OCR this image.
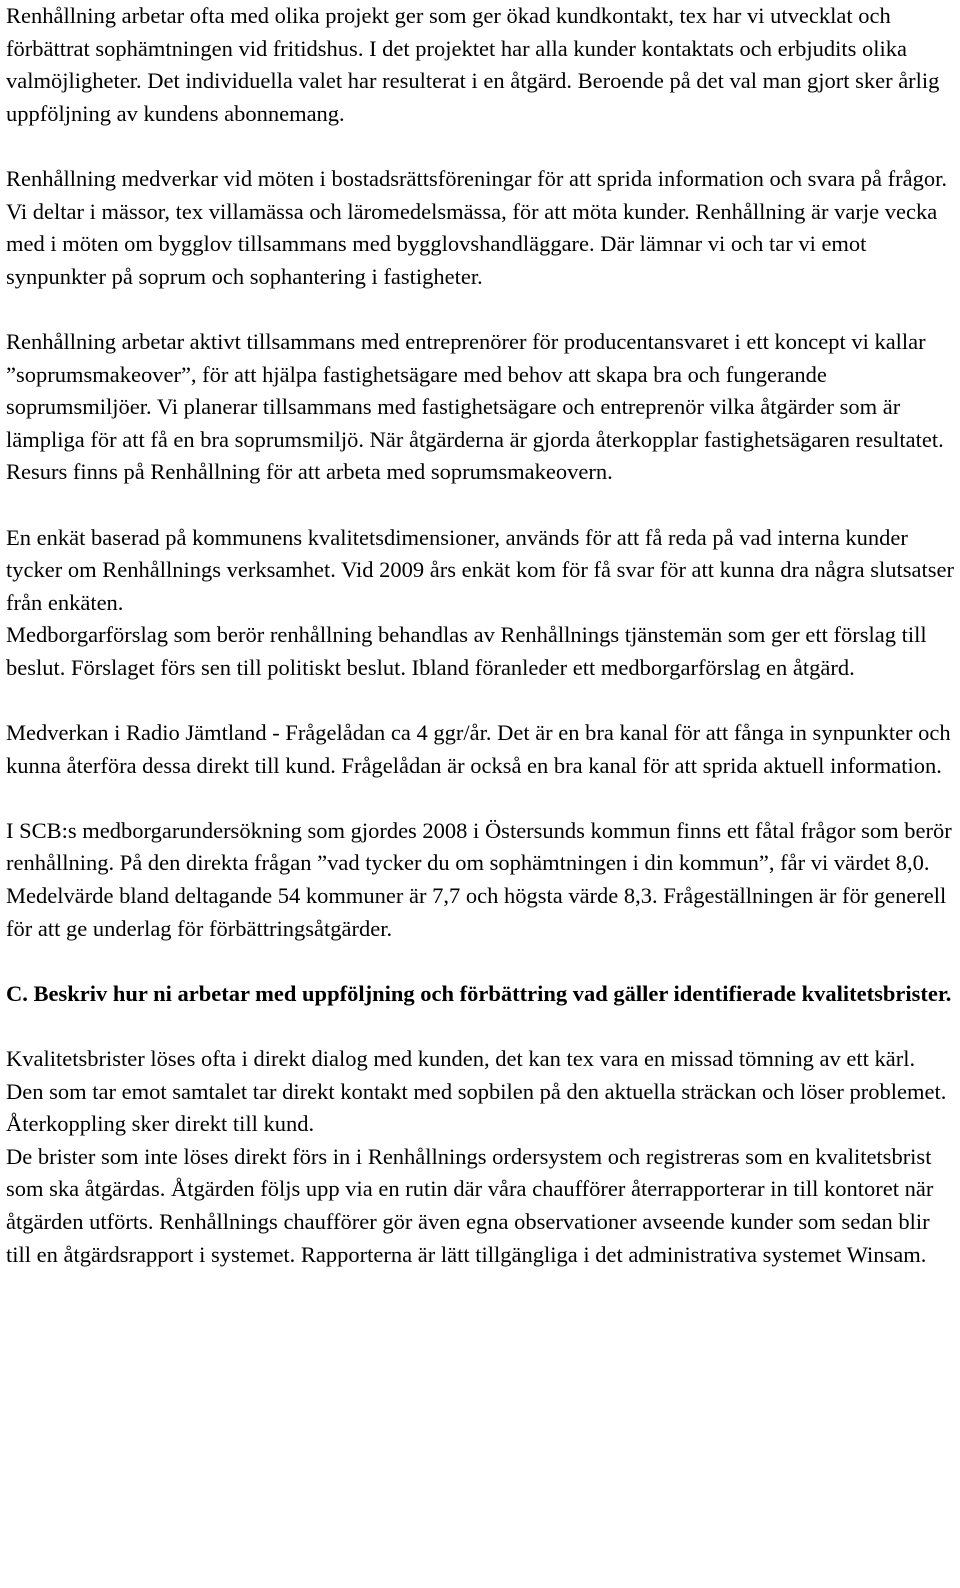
Renhållning arbetar ofta med olika projekt ger som ger ökad kundkontakt, tex har vi utvecklat och förbättrat sophämtningen vid fritidshus. I det projektet har alla kunder kontaktats och erbjudits olika valmöjligheter. Det individuella valet har resulterat i en åtgärd. Beroende på det val man gjort sker årlig uppföljning av kundens abonnemang.

Renhållning medverkar vid möten i bostadsrättsföreningar för att sprida information och svara på frågor. Vi deltar i mässor, tex villamässa och läromedelsmässa, för att möta kunder. Renhållning är varje vecka med i möten om bygglov tillsammans med bygglovshandläggare. Där lämnar vi och tar vi emot synpunkter på soprum och sophantering i fastigheter.

Renhållning arbetar aktivt tillsammans med entreprenörer för producentansvaret i ett koncept vi kallar ”soprumsmakeover”, för att hjälpa fastighetsägare med behov att skapa bra och fungerande soprumsmiljöer. Vi planerar tillsammans med fastighetsägare och entreprenör vilka åtgärder som är lämpliga för att få en bra soprumsmiljö. När åtgärderna är gjorda återkopplar fastighetsägaren resultatet. Resurs finns på Renhållning för att arbeta med soprumsmakeovern.

En enkät baserad på kommunens kvalitetsdimensioner, används för att få reda på vad interna kunder tycker om Renhållnings verksamhet. Vid 2009 års enkät kom för få svar för att kunna dra några slutsatser från enkäten.

Medborgarförslag som berör renhållning behandlas av Renhållnings tjänstemän som ger ett förslag till beslut. Förslaget förs sen till politiskt beslut. Ibland föranleder ett medborgarförslag en åtgärd.

Medverkan i Radio Jämtland - Frågelådan ca 4 ggr/år. Det är en bra kanal för att fånga in synpunkter och kunna återföra dessa direkt till kund. Frågelådan är också en bra kanal för att sprida aktuell information.

I SCB:s medborgarundersökning som gjordes 2008 i Östersunds kommun finns ett fåtal frågor som berör renhållning. På den direkta frågan ”vad tycker du om sophämtningen i din kommun”, får vi värdet 8,0. Medelvärde bland deltagande 54 kommuner är 7,7 och högsta värde 8,3. Frågeställningen är för generell för att ge underlag för förbättringsåtgärder.

C. Beskriv hur ni arbetar med uppföljning och förbättring vad gäller identifierade kvalitetsbrister.

Kvalitetsbrister löses ofta i direkt dialog med kunden, det kan tex vara en missad tömning av ett kärl. Den som tar emot samtalet tar direkt kontakt med sopbilen på den aktuella sträckan och löser problemet. Återkoppling sker direkt till kund.

De brister som inte löses direkt förs in i Renhållnings ordersystem och registreras som en kvalitetsbrist som ska åtgärdas. Åtgärden följs upp via en rutin där våra chaufförer återrapporterar in till kontoret när åtgärden utförts. Renhållnings chaufförer gör även egna observationer avseende kunder som sedan blir till en åtgärdsrapport i systemet. Rapporterna är lätt tillgängliga i det administrativa systemet Winsam.
